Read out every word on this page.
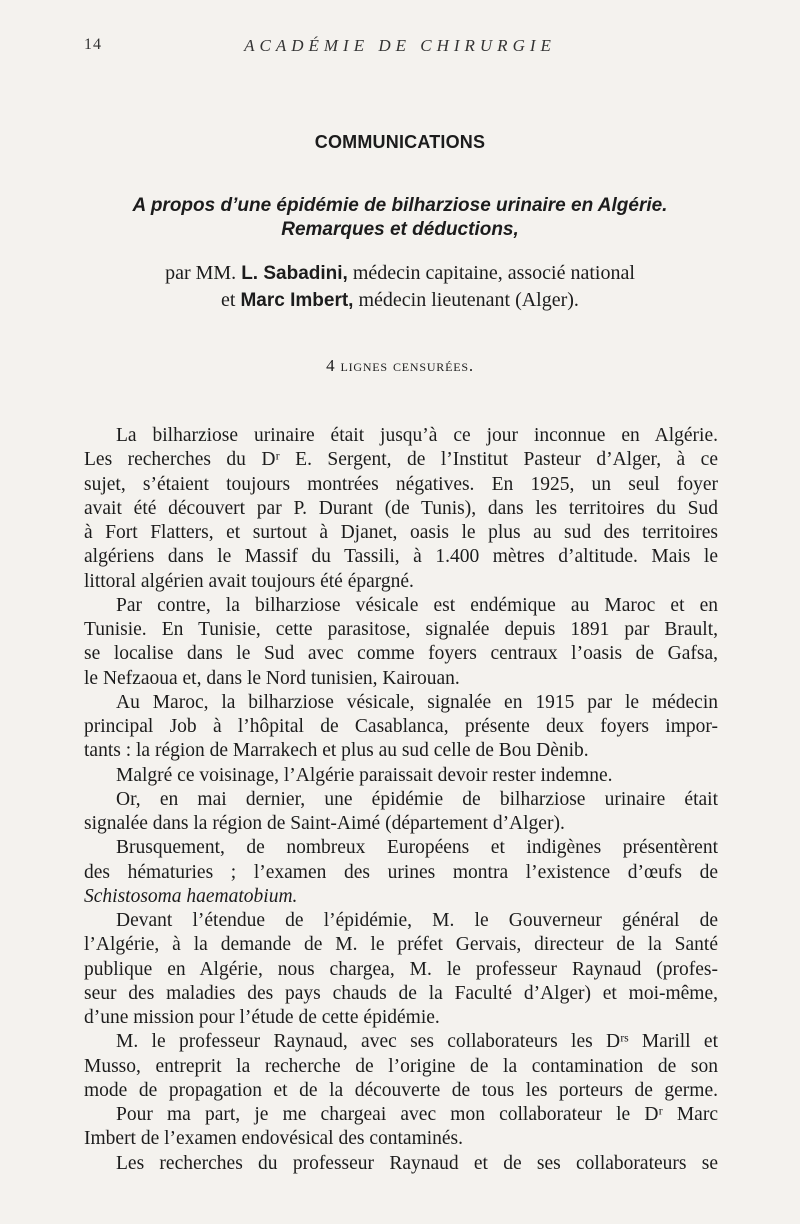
14	ACADÉMIE DE CHIRURGIE
COMMUNICATIONS
A propos d’une épidémie de bilharziose urinaire en Algérie.
Remarques et déductions,
par MM. L. Sabadini, médecin capitaine, associé national
et Marc Imbert, médecin lieutenant (Alger).
4 lignes censurées.
La bilharziose urinaire était jusqu’à ce jour inconnue en Algérie.
Les recherches du Dʳ E. Sergent, de l’Institut Pasteur d’Alger, à ce
sujet, s’étaient toujours montrées négatives. En 1925, un seul foyer
avait été découvert par P. Durant (de Tunis), dans les territoires du Sud
à Fort Flatters, et surtout à Djanet, oasis le plus au sud des territoires
algériens dans le Massif du Tassili, à 1.400 mètres d’altitude. Mais le
littoral algérien avait toujours été épargné.
Par contre, la bilharziose vésicale est endémique au Maroc et en
Tunisie. En Tunisie, cette parasitose, signalée depuis 1891 par Brault,
se localise dans le Sud avec comme foyers centraux l’oasis de Gafsa,
le Nefzaoua et, dans le Nord tunisien, Kairouan.
Au Maroc, la bilharziose vésicale, signalée en 1915 par le médecin
principal Job à l’hôpital de Casablanca, présente deux foyers impor-
tants : la région de Marrakech et plus au sud celle de Bou Dènib.
Malgré ce voisinage, l’Algérie paraissait devoir rester indemne.
Or, en mai dernier, une épidémie de bilharziose urinaire était
signalée dans la région de Saint-Aimé (département d’Alger).
Brusquement, de nombreux Européens et indigènes présentèrent
des hématuries ; l’examen des urines montra l’existence d’œufs de
Schistosoma haematobium.
Devant l’étendue de l’épidémie, M. le Gouverneur général de
l’Algérie, à la demande de M. le préfet Gervais, directeur de la Santé
publique en Algérie, nous chargea, M. le professeur Raynaud (profes-
seur des maladies des pays chauds de la Faculté d’Alger) et moi-même,
d’une mission pour l’étude de cette épidémie.
M. le professeur Raynaud, avec ses collaborateurs les Dʳˢ Marill et
Musso, entreprit la recherche de l’origine de la contamination de son
mode de propagation et de la découverte de tous les porteurs de germe.
Pour ma part, je me chargeai avec mon collaborateur le Dʳ Marc
Imbert de l’examen endovésical des contaminés.
Les recherches du professeur Raynaud et de ses collaborateurs se
